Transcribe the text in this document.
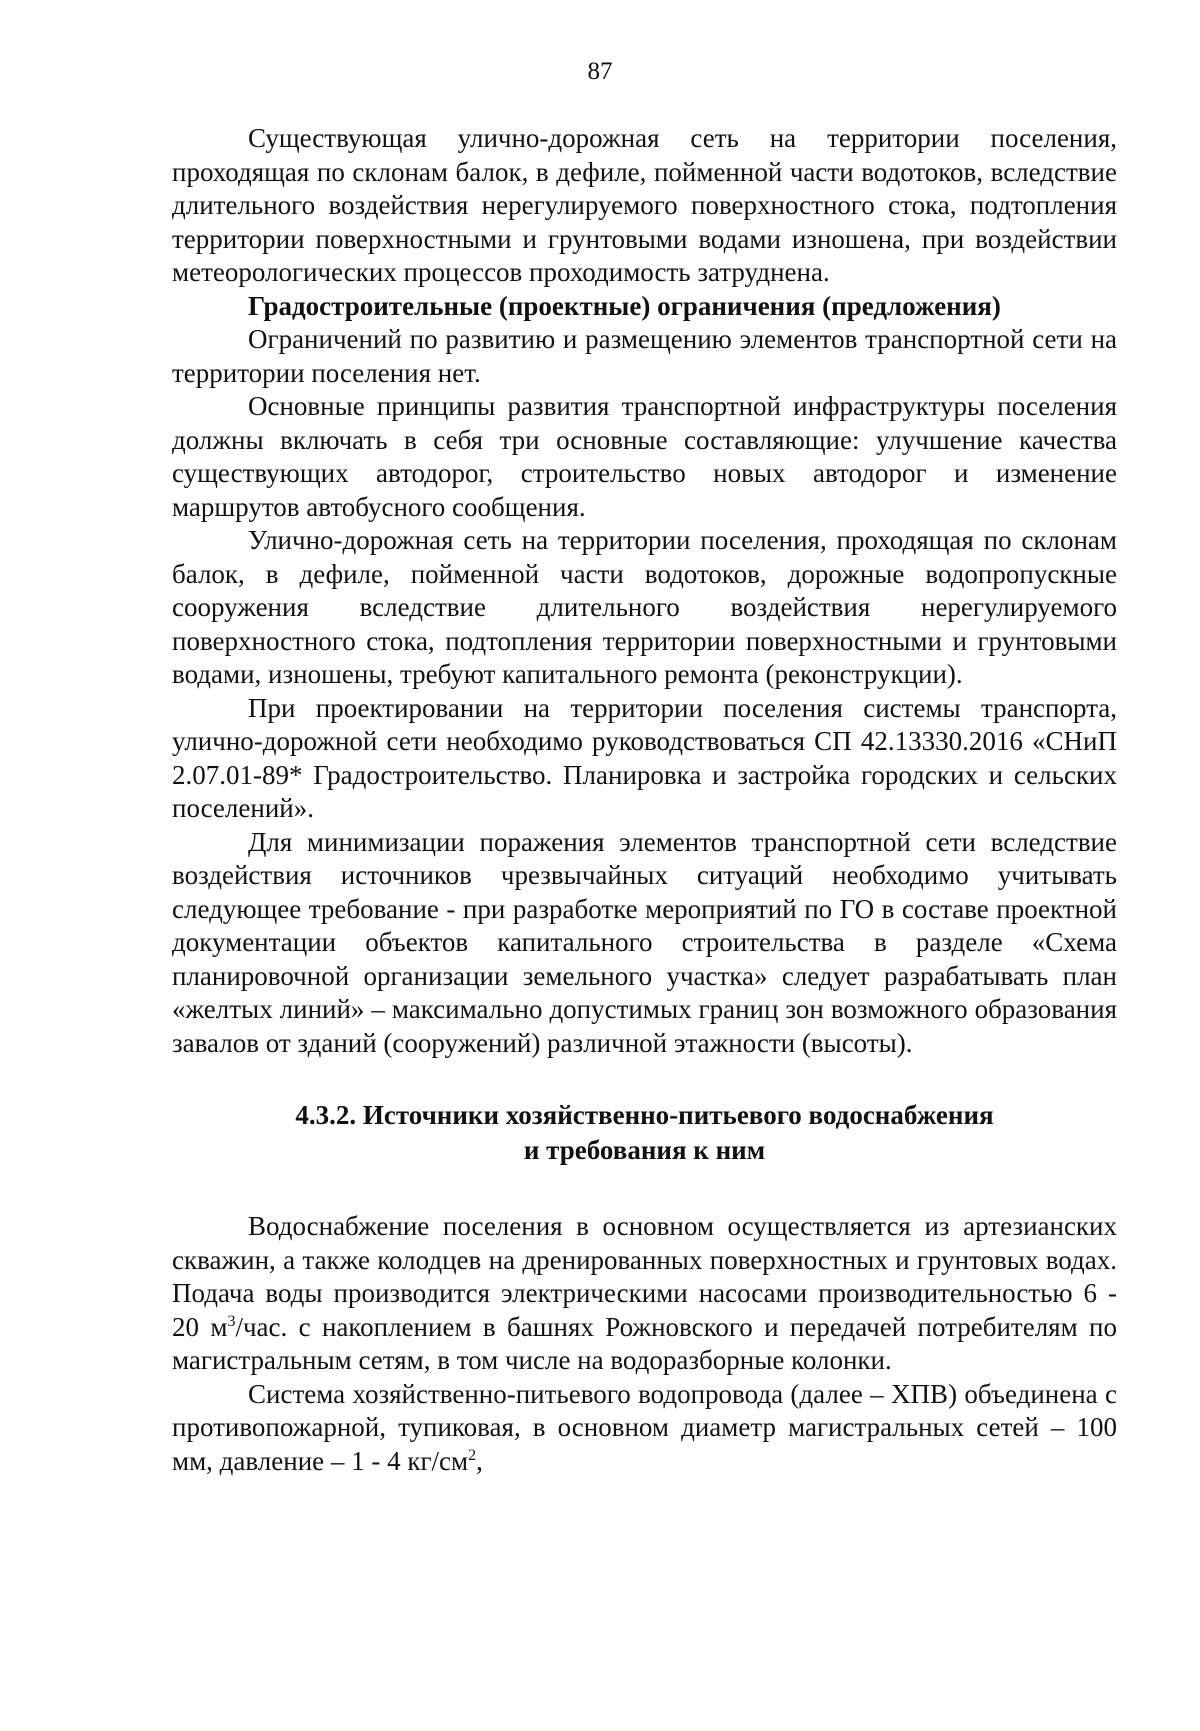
87

Существующая улично-дорожная сеть на территории поселения, проходящая по склонам балок, в дефиле, пойменной части водотоков, вследствие длительного воздействия нерегулируемого поверхностного стока, подтопления территории поверхностными и грунтовыми водами изношена, при воздействии метеорологических процессов проходимость затруднена.

Градостроительные (проектные) ограничения (предложения)

Ограничений по развитию и размещению элементов транспортной сети на территории поселения нет.

Основные принципы развития транспортной инфраструктуры поселения должны включать в себя три основные составляющие: улучшение качества существующих автодорог, строительство новых автодорог и изменение маршрутов автобусного сообщения.

Улично-дорожная сеть на территории поселения, проходящая по склонам балок, в дефиле, пойменной части водотоков, дорожные водопропускные сооружения вследствие длительного воздействия нерегулируемого поверхностного стока, подтопления территории поверхностными и грунтовыми водами, изношены, требуют капитального ремонта (реконструкции).

При проектировании на территории поселения системы транспорта, улично-дорожной сети необходимо руководствоваться СП 42.13330.2016 «СНиП 2.07.01-89* Градостроительство. Планировка и застройка городских и сельских поселений».

Для минимизации поражения элементов транспортной сети вследствие воздействия источников чрезвычайных ситуаций необходимо учитывать следующее требование - при разработке мероприятий по ГО в составе проектной документации объектов капитального строительства в разделе «Схема планировочной организации земельного участка» следует разрабатывать план «желтых линий» – максимально допустимых границ зон возможного образования завалов от зданий (сооружений) различной этажности (высоты).

4.3.2. Источники хозяйственно-питьевого водоснабжения
и требования к ним

Водоснабжение поселения в основном осуществляется из артезианских скважин, а также колодцев на дренированных поверхностных и грунтовых водах. Подача воды производится электрическими насосами производительностью 6 - 20 $м^3$/час. с накоплением в башнях Рожновского и передачей потребителям по магистральным сетям, в том числе на водоразборные колонки.

Система хозяйственно-питьевого водопровода (далее – ХПВ) объединена с противопожарной, тупиковая, в основном диаметр магистральных сетей – 100 мм, давление – 1 - 4 $кг/см^2$,
